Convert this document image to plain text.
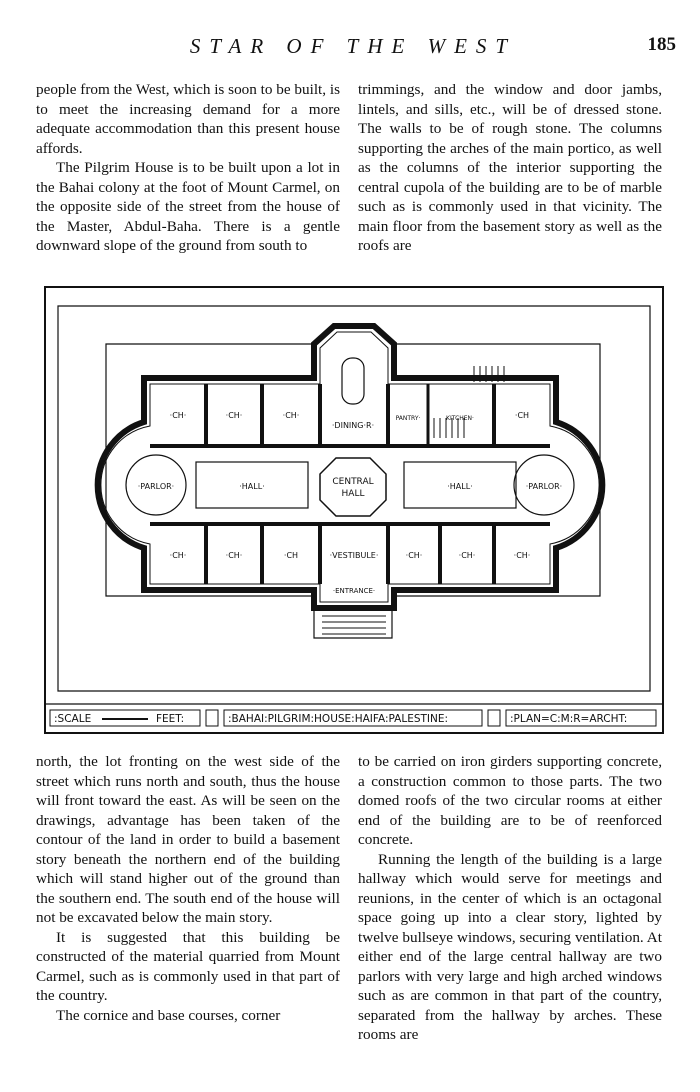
STAR OF THE WEST	185

people from the West, which is soon to be built, is to meet the increasing demand for a more adequate accommodation than this present house affords.

The Pilgrim House is to be built upon a lot in the Bahai colony at the foot of Mount Carmel, on the opposite side of the street from the house of the Master, Abdul-Baha. There is a gentle downward slope of the ground from south to

trimmings, and the window and door jambs, lintels, and sills, etc., will be of dressed stone. The walls to be of rough stone. The columns supporting the arches of the main portico, as well as the columns of the interior supporting the central cupola of the building are to be of marble such as is commonly used in that vicinity. The main floor from the basement story as well as the roofs are

·DINING·R·
PANTRY·	KITCHEN·
CENTRAL
HALL
·HALL·	·HALL·
·PARLOR·	·PARLOR·
·VESTIBULE·
·ENTRANCE·
·CH·	·CH·	·CH·	·CH
·CH·	·CH·	·CH	·CH·	·CH·	·CH·
:SCALE	FEET:	:BAHAI:PILGRIM:HOUSE:HAIFA:PALESTINE:	:PLAN=C:M:R=ARCHT:

north, the lot fronting on the west side of the street which runs north and south, thus the house will front toward the east. As will be seen on the drawings, advantage has been taken of the contour of the land in order to build a basement story beneath the northern end of the building which will stand higher out of the ground than the southern end. The south end of the house will not be excavated below the main story.

It is suggested that this building be constructed of the material quarried from Mount Carmel, such as is commonly used in that part of the country.

The cornice and base courses, corner

to be carried on iron girders supporting concrete, a construction common to those parts. The two domed roofs of the two circular rooms at either end of the building are to be of reenforced concrete.

Running the length of the building is a large hallway which would serve for meetings and reunions, in the center of which is an octagonal space going up into a clear story, lighted by twelve bullseye windows, securing ventilation. At either end of the large central hallway are two parlors with very large and high arched windows such as are common in that part of the country, separated from the hallway by arches. These rooms are
